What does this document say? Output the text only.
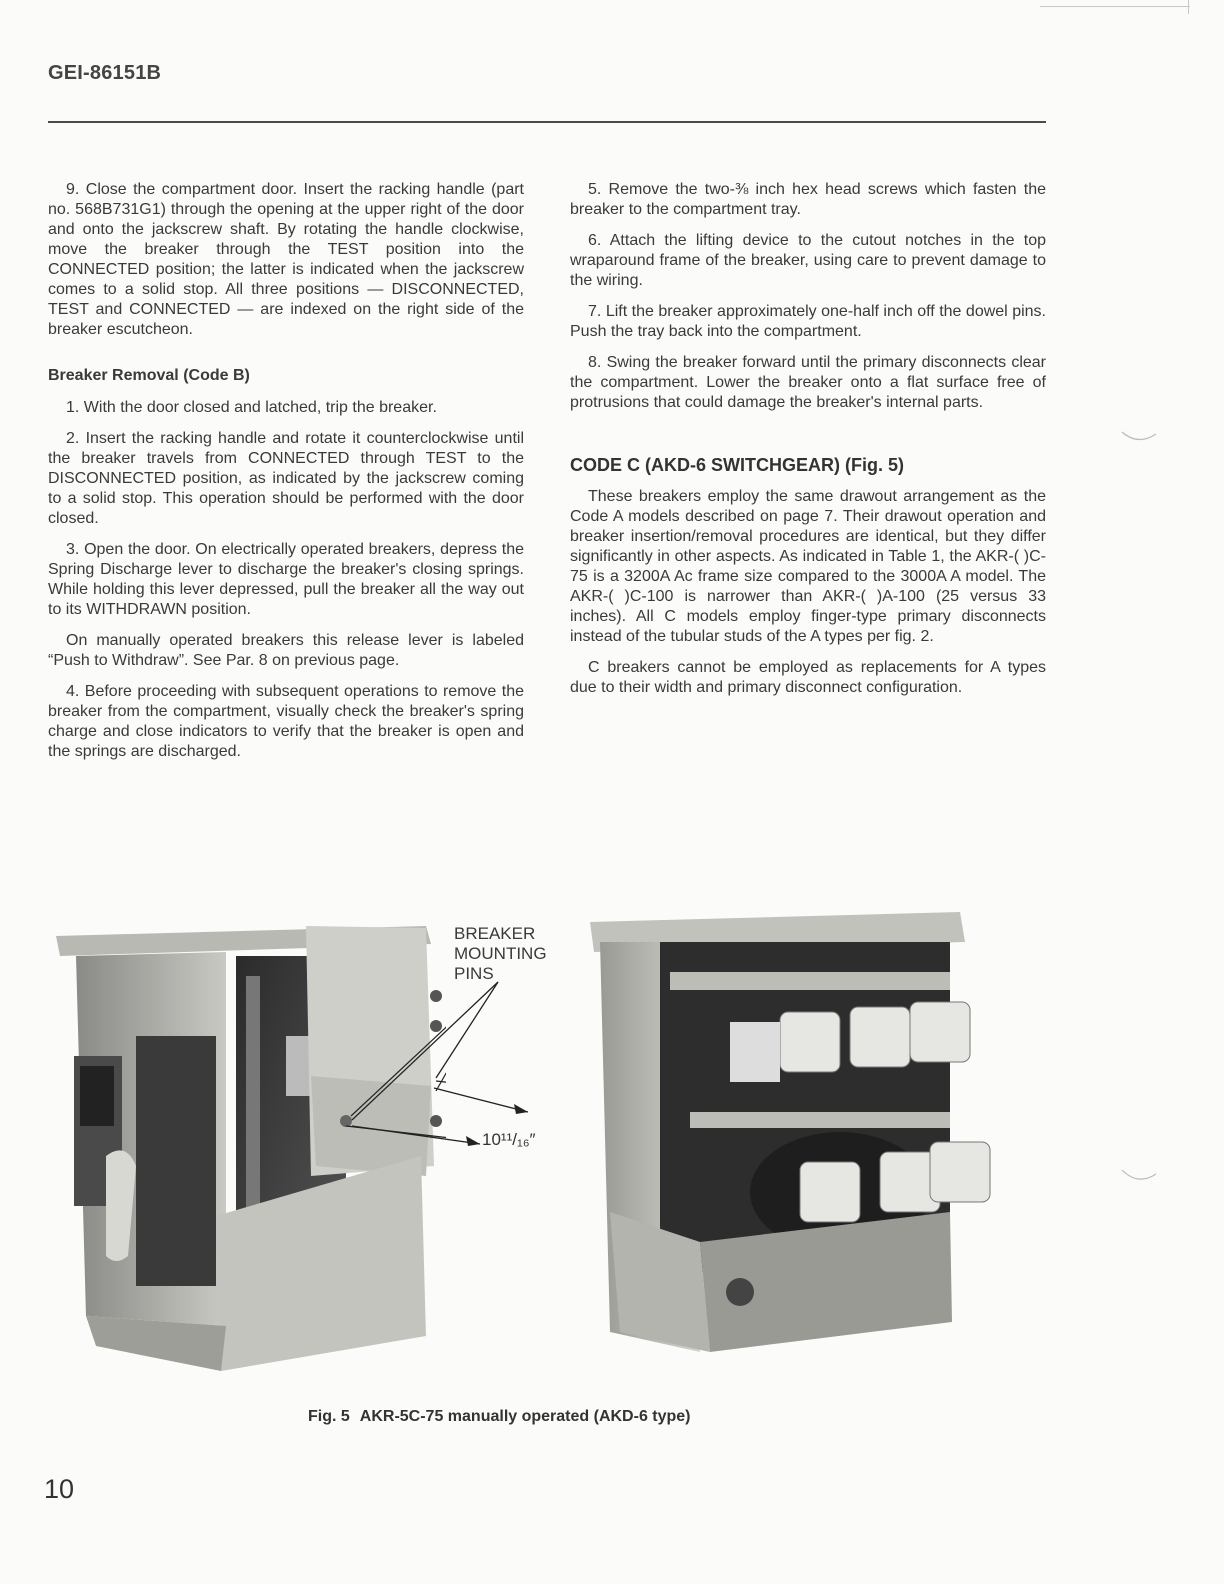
GEI-86151B

9. Close the compartment door. Insert the racking handle (part no. 568B731G1) through the opening at the upper right of the door and onto the jackscrew shaft. By rotating the handle clockwise, move the breaker through the TEST position into the CONNECTED position; the latter is indicated when the jackscrew comes to a solid stop. All three positions — DISCONNECTED, TEST and CONNECTED — are indexed on the right side of the breaker escutcheon.

Breaker Removal (Code B)

1. With the door closed and latched, trip the breaker.

2. Insert the racking handle and rotate it counterclockwise until the breaker travels from CONNECTED through TEST to the DISCONNECTED position, as indicated by the jackscrew coming to a solid stop. This operation should be performed with the door closed.

3. Open the door. On electrically operated breakers, depress the Spring Discharge lever to discharge the breaker's closing springs. While holding this lever depressed, pull the breaker all the way out to its WITHDRAWN position.

On manually operated breakers this release lever is labeled “Push to Withdraw”. See Par. 8 on previous page.

4. Before proceeding with subsequent operations to remove the breaker from the compartment, visually check the breaker's spring charge and close indicators to verify that the breaker is open and the springs are discharged.

5. Remove the two-⅜ inch hex head screws which fasten the breaker to the compartment tray.

6. Attach the lifting device to the cutout notches in the top wraparound frame of the breaker, using care to prevent damage to the wiring.

7. Lift the breaker approximately one-half inch off the dowel pins. Push the tray back into the compartment.

8. Swing the breaker forward until the primary disconnects clear the compartment. Lower the breaker onto a flat surface free of protrusions that could damage the breaker's internal parts.

CODE C (AKD-6 SWITCHGEAR) (Fig. 5)

These breakers employ the same drawout arrangement as the Code A models described on page 7. Their drawout operation and breaker insertion/removal procedures are identical, but they differ significantly in other aspects. As indicated in Table 1, the AKR-( )C-75 is a 3200A Ac frame size compared to the 3000A A model. The AKR-( )C-100 is narrower than AKR-( )A-100 (25 versus 33 inches). All C models employ finger-type primary disconnects instead of the tubular studs of the A types per fig. 2.

C breakers cannot be employed as replacements for A types due to their width and primary disconnect configuration.

BREAKER
MOUNTING
PINS
10¹¹/₁₆″
Fig. 5 AKR-5C-75 manually operated (AKD-6 type)
10
